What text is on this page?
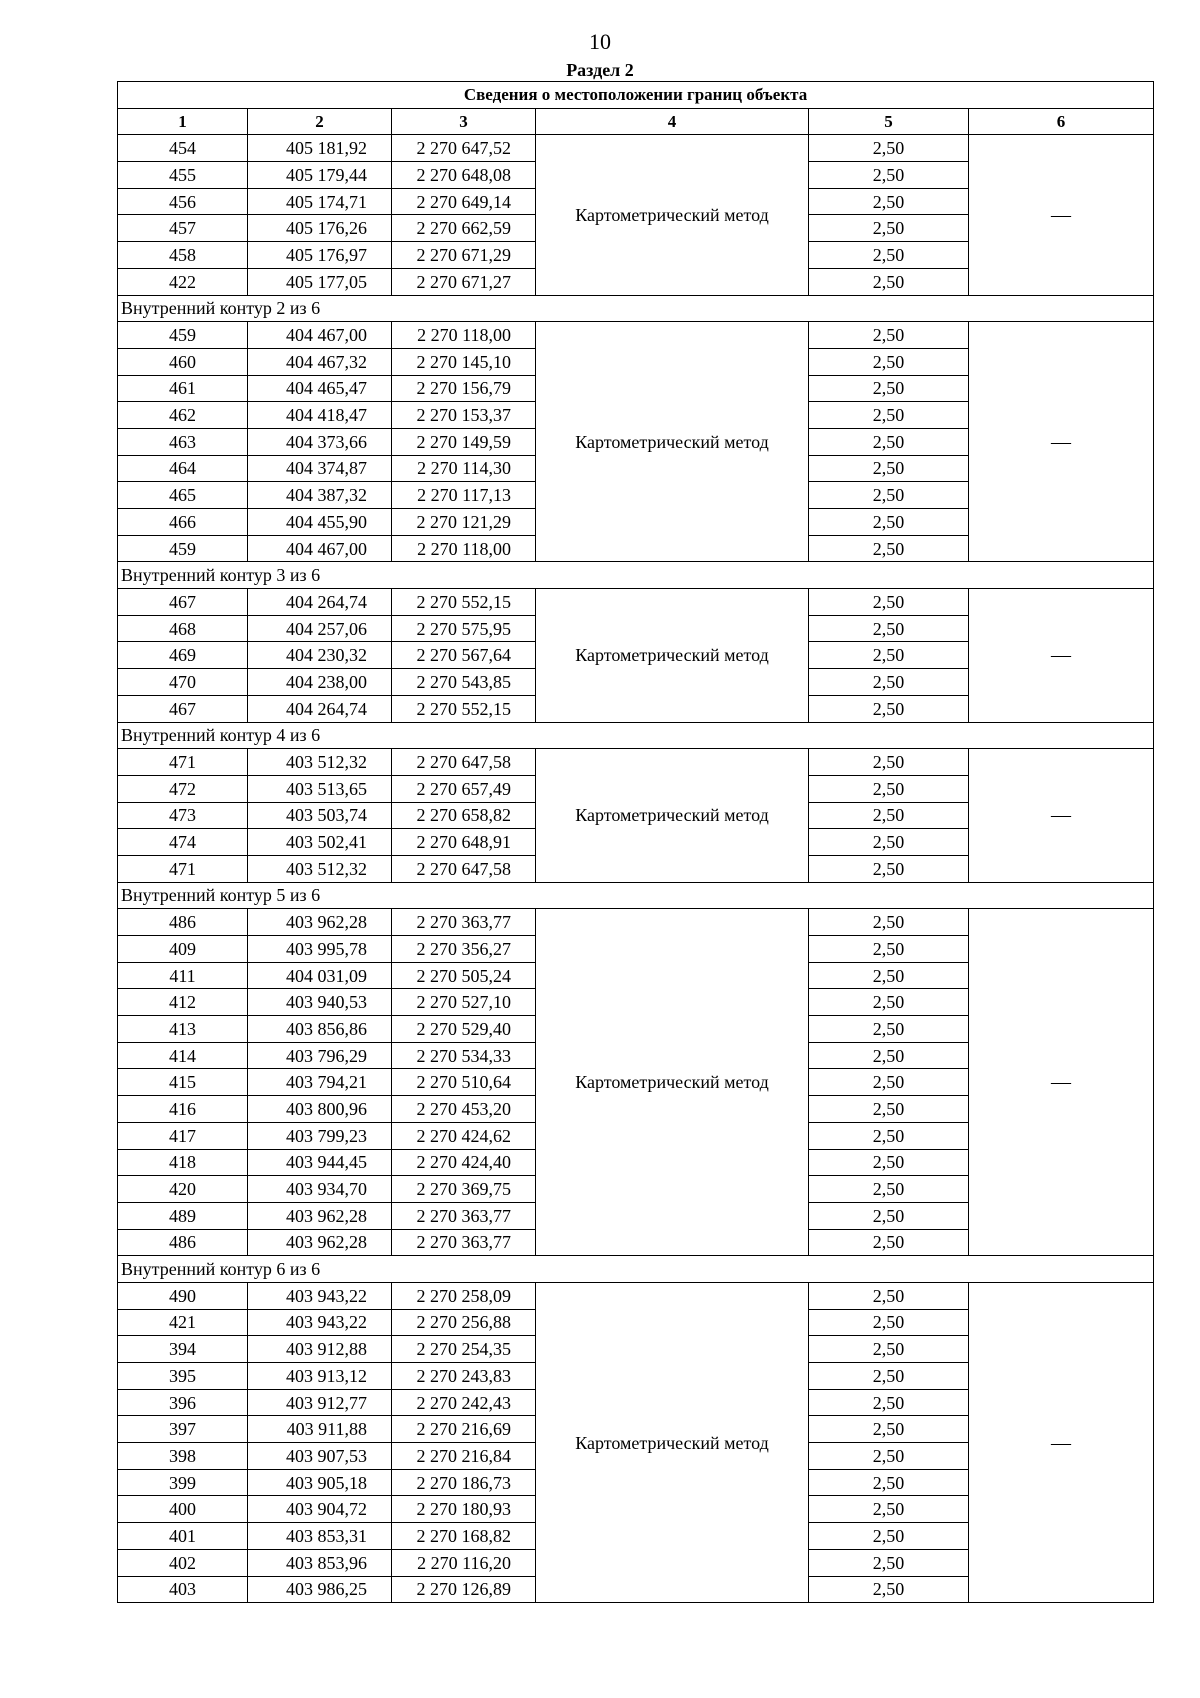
10
Раздел 2
Сведения о местоположении границ объекта					
1	2	3	4	5	6
454	405 181,92	2 270 647,52	Картометрический метод	2,50	—
455	405 179,44	2 270 648,08		2,50	
456	405 174,71	2 270 649,14		2,50	
457	405 176,26	2 270 662,59		2,50	
458	405 176,97	2 270 671,29		2,50	
422	405 177,05	2 270 671,27		2,50	
Внутренний контур 2 из 6					
459	404 467,00	2 270 118,00	Картометрический метод	2,50	—
460	404 467,32	2 270 145,10		2,50	
461	404 465,47	2 270 156,79		2,50	
462	404 418,47	2 270 153,37		2,50	
463	404 373,66	2 270 149,59		2,50	
464	404 374,87	2 270 114,30		2,50	
465	404 387,32	2 270 117,13		2,50	
466	404 455,90	2 270 121,29		2,50	
459	404 467,00	2 270 118,00		2,50	
Внутренний контур 3 из 6					
467	404 264,74	2 270 552,15	Картометрический метод	2,50	—
468	404 257,06	2 270 575,95		2,50	
469	404 230,32	2 270 567,64		2,50	
470	404 238,00	2 270 543,85		2,50	
467	404 264,74	2 270 552,15		2,50	
Внутренний контур 4 из 6					
471	403 512,32	2 270 647,58	Картометрический метод	2,50	—
472	403 513,65	2 270 657,49		2,50	
473	403 503,74	2 270 658,82		2,50	
474	403 502,41	2 270 648,91		2,50	
471	403 512,32	2 270 647,58		2,50	
Внутренний контур 5 из 6					
486	403 962,28	2 270 363,77	Картометрический метод	2,50	—
409	403 995,78	2 270 356,27		2,50	
411	404 031,09	2 270 505,24		2,50	
412	403 940,53	2 270 527,10		2,50	
413	403 856,86	2 270 529,40		2,50	
414	403 796,29	2 270 534,33		2,50	
415	403 794,21	2 270 510,64		2,50	
416	403 800,96	2 270 453,20		2,50	
417	403 799,23	2 270 424,62		2,50	
418	403 944,45	2 270 424,40		2,50	
420	403 934,70	2 270 369,75		2,50	
489	403 962,28	2 270 363,77		2,50	
486	403 962,28	2 270 363,77		2,50	
Внутренний контур 6 из 6					
490	403 943,22	2 270 258,09	Картометрический метод	2,50	—
421	403 943,22	2 270 256,88		2,50	
394	403 912,88	2 270 254,35		2,50	
395	403 913,12	2 270 243,83		2,50	
396	403 912,77	2 270 242,43		2,50	
397	403 911,88	2 270 216,69		2,50	
398	403 907,53	2 270 216,84		2,50	
399	403 905,18	2 270 186,73		2,50	
400	403 904,72	2 270 180,93		2,50	
401	403 853,31	2 270 168,82		2,50	
402	403 853,96	2 270 116,20		2,50	
403	403 986,25	2 270 126,89		2,50	
